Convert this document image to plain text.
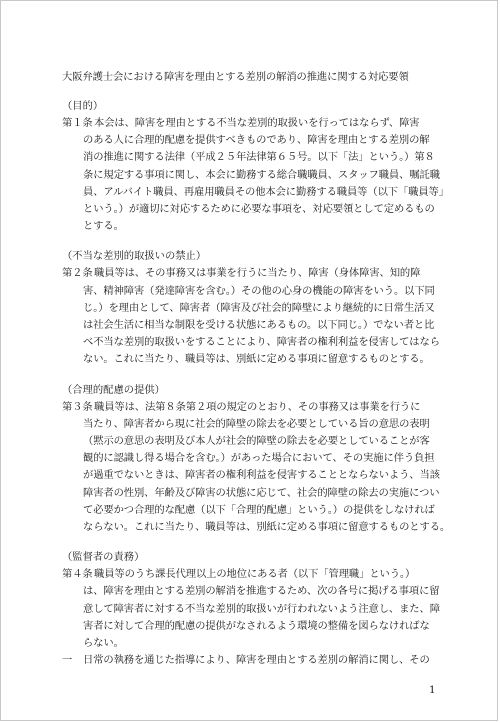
大阪弁護士会における障害を理由とする差別の解消の推進に関する対応要領
（目的）
第１条本会は、障害を理由とする不当な差別的取扱いを行ってはならず、障害
のある人に合理的配慮を提供すべきものであり、障害を理由とする差別の解
消の推進に関する法律（平成２５年法律第６５号。以下「法」という。）第８
条に規定する事項に関し、本会に勤務する総合職職員、スタッフ職員、嘱託職
員、アルバイト職員、再雇用職員その他本会に勤務する職員等（以下「職員等」
という。）が適切に対応するために必要な事項を、対応要領として定めるもの
とする。
（不当な差別的取扱いの禁止）
第２条職員等は、その事務又は事業を行うに当たり、障害（身体障害、知的障
害、精神障害（発達障害を含む。）その他の心身の機能の障害をいう。以下同
じ。）を理由として、障害者（障害及び社会的障壁により継続的に日常生活又
は社会生活に相当な制限を受ける状態にあるもの。以下同じ。）でない者と比
べ不当な差別的取扱いをすることにより、障害者の権利利益を侵害してはなら
ない。これに当たり、職員等は、別紙に定める事項に留意するものとする。
（合理的配慮の提供）
第３条職員等は、法第８条第２項の規定のとおり、その事務又は事業を行うに
当たり、障害者から現に社会的障壁の除去を必要としている旨の意思の表明
（黙示の意思の表明及び本人が社会的障壁の除去を必要としていることが客
観的に認識し得る場合を含む。）があった場合において、その実施に伴う負担
が過重でないときは、障害者の権利利益を侵害することとならないよう、当該
障害者の性別、年齢及び障害の状態に応じて、社会的障壁の除去の実施につい
て必要かつ合理的な配慮（以下「合理的配慮」という。）の提供をしなければ
ならない。これに当たり、職員等は、別紙に定める事項に留意するものとする。
（監督者の責務）
第４条職員等のうち課長代理以上の地位にある者（以下「管理職」という。）
は、障害を理由とする差別の解消を推進するため、次の各号に掲げる事項に留
意して障害者に対する不当な差別的取扱いが行われないよう注意し、また、障
害者に対して合理的配慮の提供がなされるよう環境の整備を図らなければな
らない。
一 日常の執務を通じた指導により、障害を理由とする差別の解消に関し、その
1
